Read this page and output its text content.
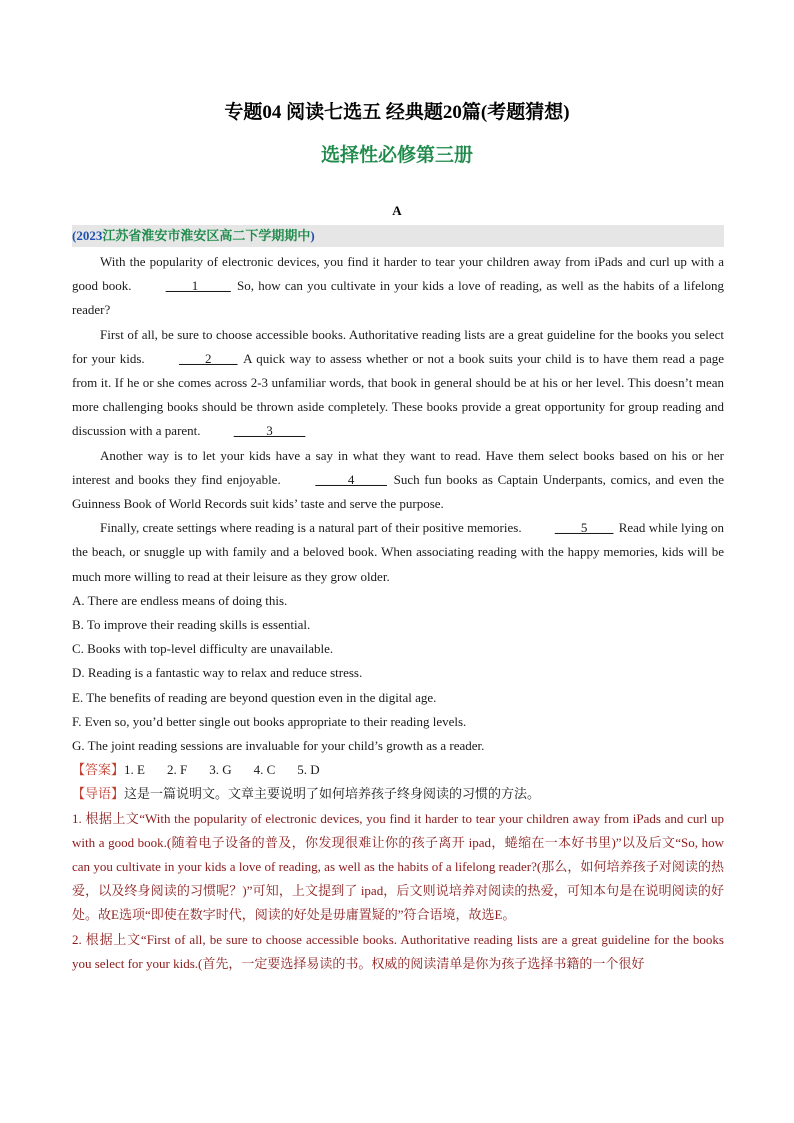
专题04 阅读七选五 经典题20篇(考题猜想)
选择性必修第三册
A
(2023江苏省淮安市淮安区高二下学期期中)

With the popularity of electronic devices, you find it harder to tear your children away from iPads and curl up with a good book. ____1_____ So, how can you cultivate in your kids a love of reading, as well as the habits of a lifelong reader?

First of all, be sure to choose accessible books. Authoritative reading lists are a great guideline for the books you select for your kids. ____2____ A quick way to assess whether or not a book suits your child is to have them read a page from it. If he or she comes across 2-3 unfamiliar words, that book in general should be at his or her level. This doesn’t mean more challenging books should be thrown aside completely. These books provide a great opportunity for group reading and discussion with a parent. _____3_____

Another way is to let your kids have a say in what they want to read. Have them select books based on his or her interest and books they find enjoyable. _____4_____ Such fun books as Captain Underpants, comics, and even the Guinness Book of World Records suit kids’ taste and serve the purpose.

Finally, create settings where reading is a natural part of their positive memories. ____5____ Read while lying on the beach, or snuggle up with family and a beloved book. When associating reading with the happy memories, kids will be much more willing to read at their leisure as they grow older.

A. There are endless means of doing this.
B. To improve their reading skills is essential.
C. Books with top-level difficulty are unavailable.
D. Reading is a fantastic way to relax and reduce stress.
E. The benefits of reading are beyond question even in the digital age.
F. Even so, you’d better single out books appropriate to their reading levels.
G. The joint reading sessions are invaluable for your child’s growth as a reader.
【答案】1. E 2. F 3. G 4. C 5. D
【导语】这是一篇说明文。文章主要说明了如何培养孩子终身阅读的习惯的方法。

1. 根据上文“With the popularity of electronic devices, you find it harder to tear your children away from iPads and curl up with a good book.(随着电子设备的普及，你发现很难让你的孩子离开 ipad，蜷缩在一本好书里)”以及后文“So, how can you cultivate in your kids a love of reading, as well as the habits of a lifelong reader?(那么，如何培养孩子对阅读的热爱，以及终身阅读的习惯呢？)”可知，上文提到了 ipad，后文则说培养对阅读的热爱，可知本句是在说明阅读的好处。故E选项“即使在数字时代，阅读的好处是毋庸置疑的”符合语境，故选E。

2. 根据上文“First of all, be sure to choose accessible books. Authoritative reading lists are a great guideline for the books you select for your kids.(首先，一定要选择易读的书。权威的阅读清单是你为孩子选择书籍的一个很好
